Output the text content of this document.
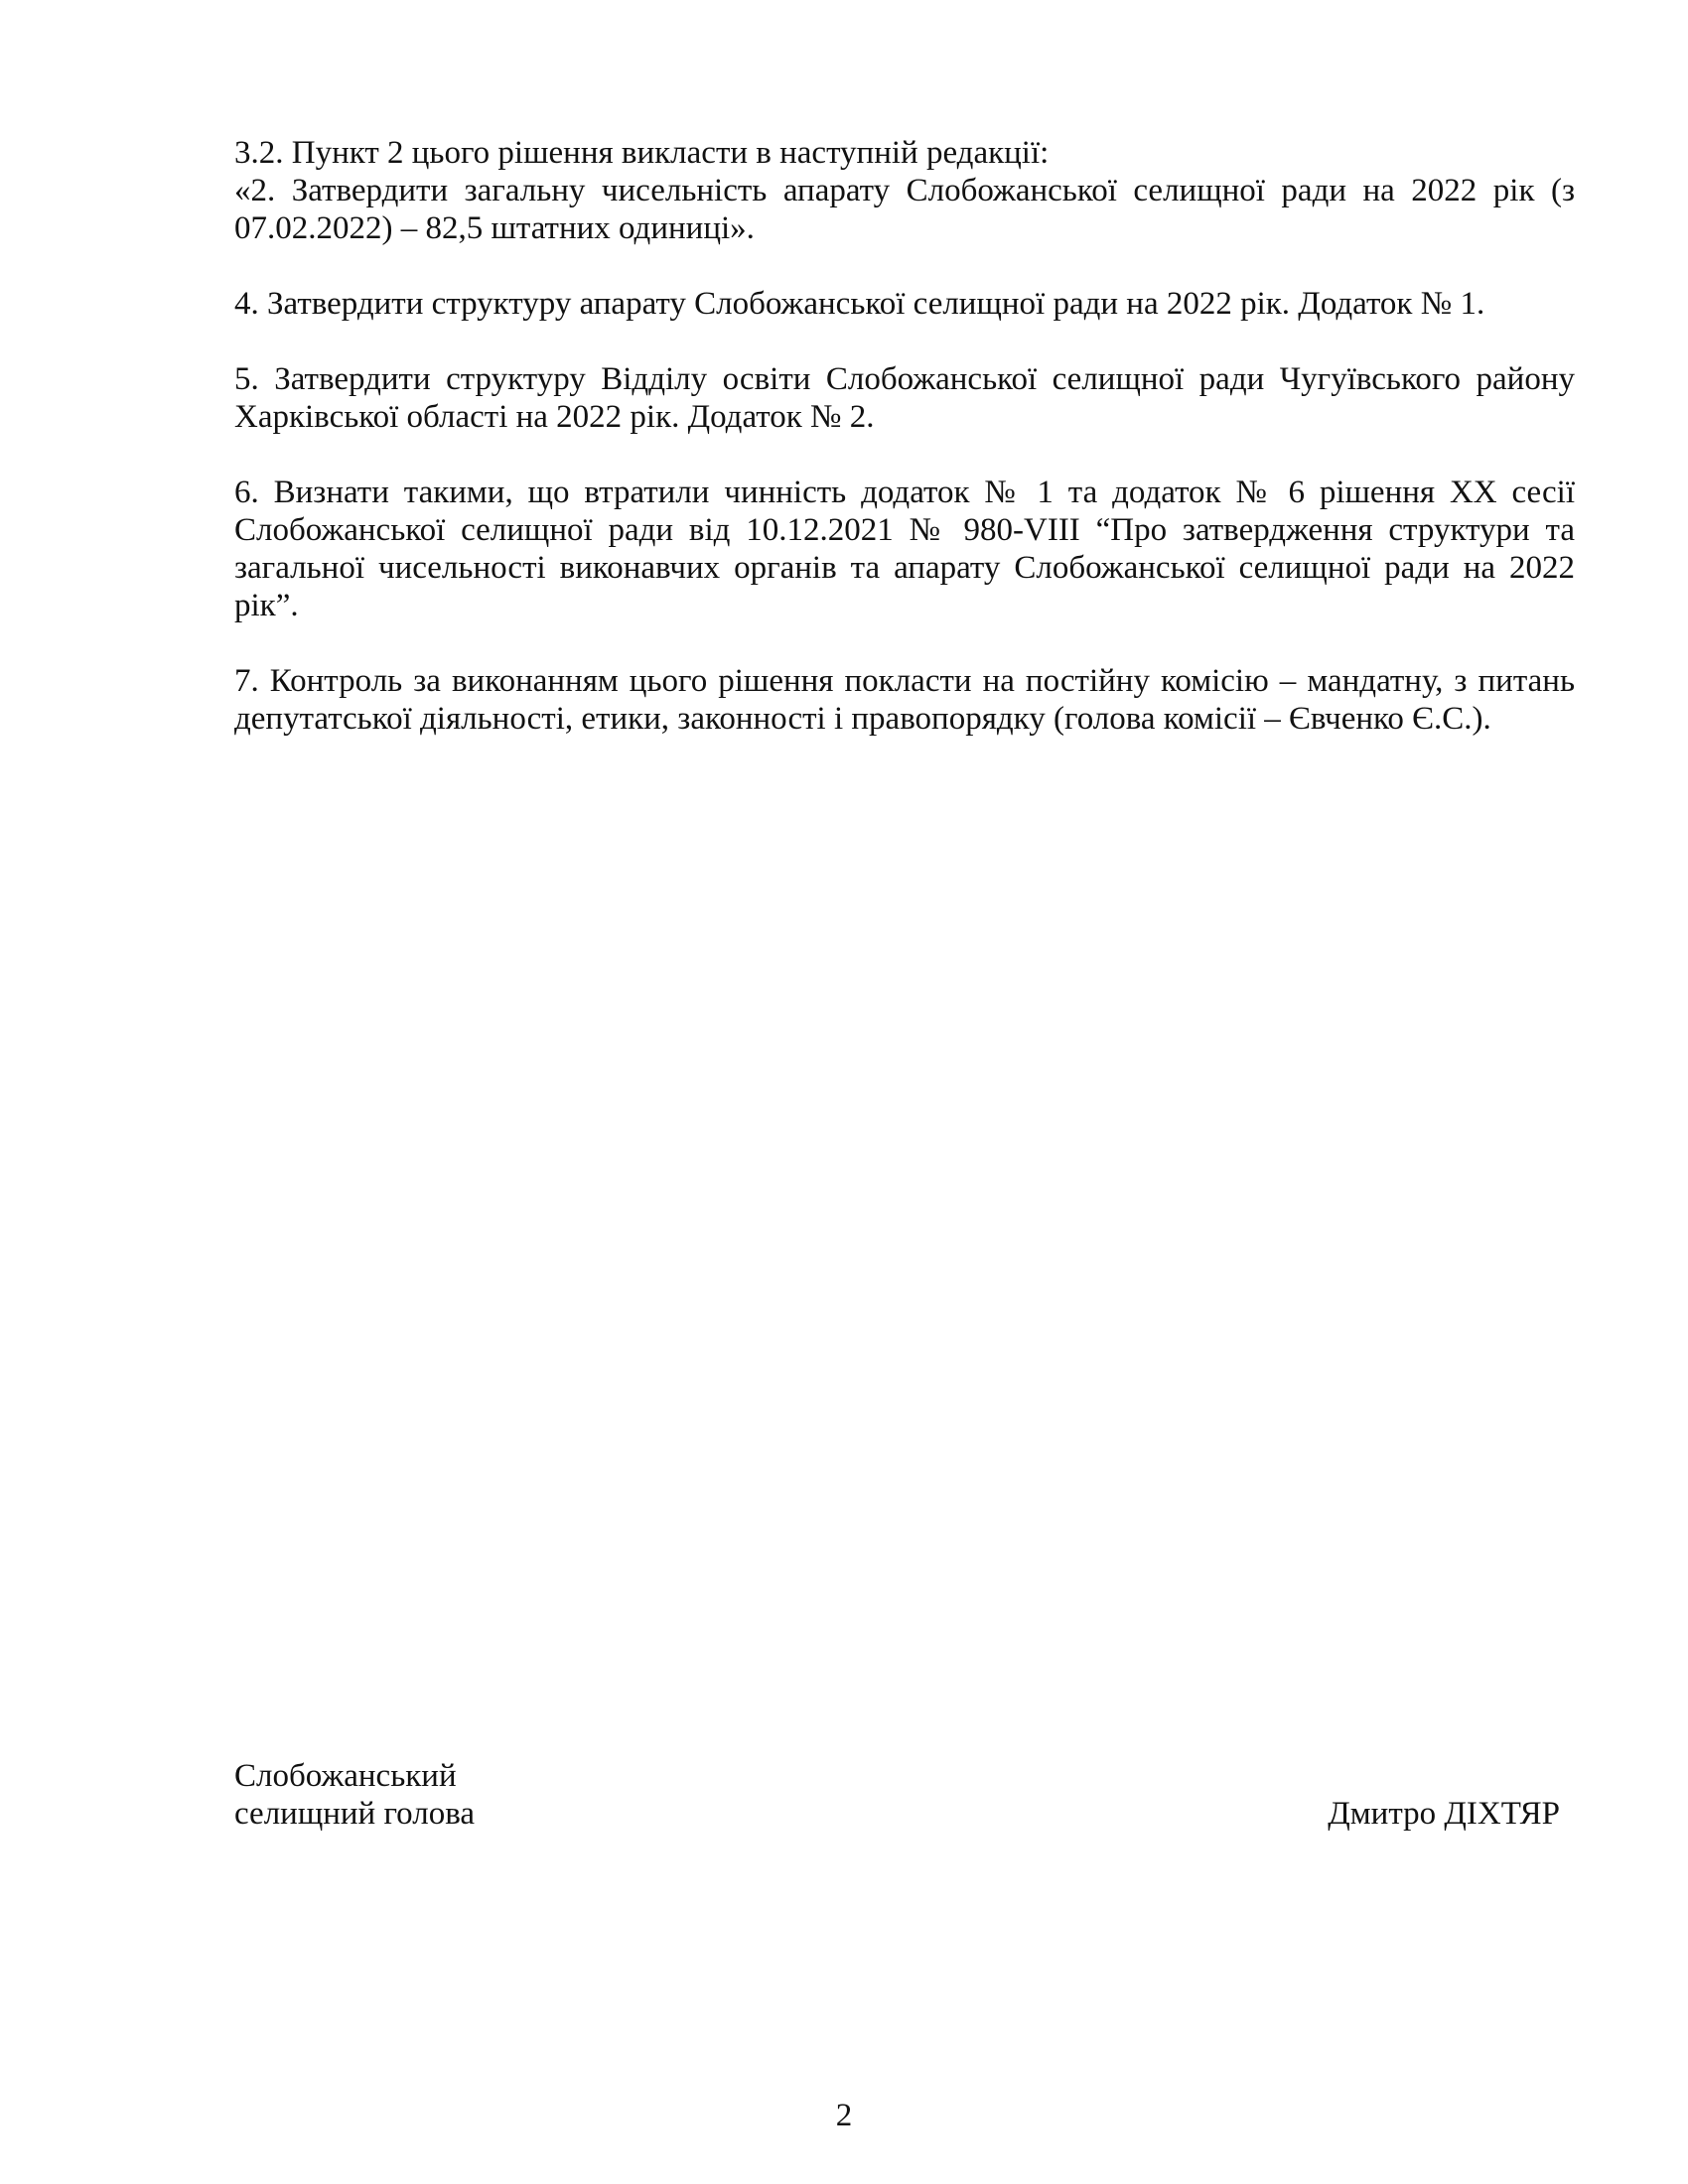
3.2. Пункт 2 цього рішення викласти в наступній редакції:

«2. Затвердити загальну чисельність апарату Слобожанської селищної ради на 2022 рік (з 07.02.2022) – 82,5 штатних одиниці».

4. Затвердити структуру апарату Слобожанської селищної ради на 2022 рік. Додаток № 1.

5. Затвердити структуру Відділу освіти Слобожанської селищної ради Чугуївського району Харківської області на 2022 рік. Додаток № 2.

6. Визнати такими, що втратили чинність додаток № 1 та додаток № 6 рішення ХХ сесії Слобожанської селищної ради від 10.12.2021 № 980-VIII “Про затвердження структури та загальної чисельності виконавчих органів та апарату Слобожанської селищної ради на 2022 рік”.

7. Контроль за виконанням цього рішення покласти на постійну комісію – мандатну, з питань депутатської діяльності, етики, законності і правопорядку (голова комісії – Євченко Є.С.).

Слобожанський

селищний голова	Дмитро ДІХТЯР
2
